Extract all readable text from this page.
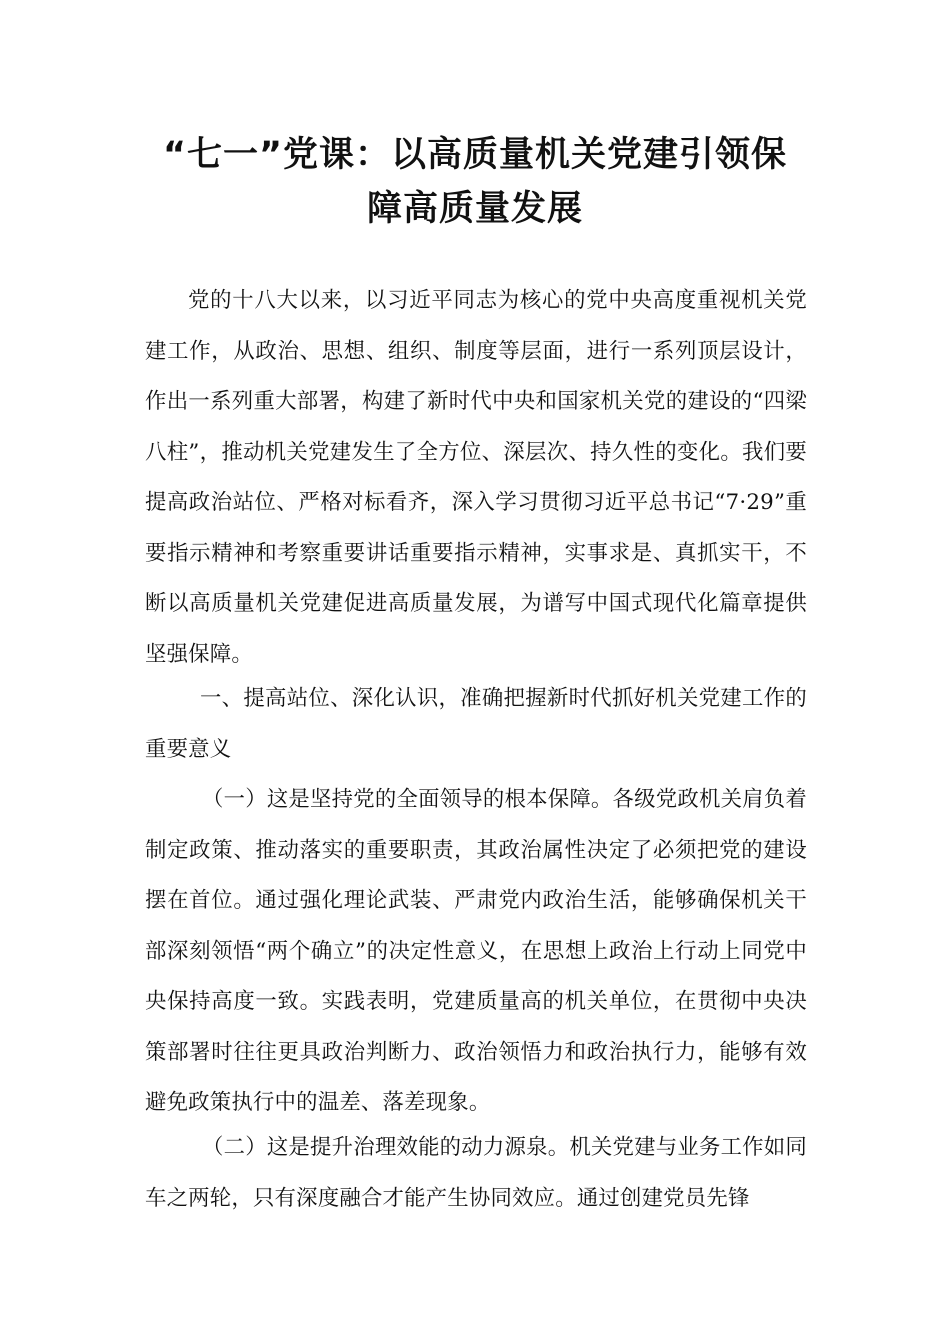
“七一”党课：以高质量机关党建引领保
障高质量发展

党的十八大以来，以习近平同志为核心的党中央高度重视机关党建工作，从政治、思想、组织、制度等层面，进行一系列顶层设计，作出一系列重大部署，构建了新时代中央和国家机关党的建设的“四梁八柱”，推动机关党建发生了全方位、深层次、持久性的变化。我们要提高政治站位、严格对标看齐，深入学习贯彻习近平总书记“7·29”重要指示精神和考察重要讲话重要指示精神，实事求是、真抓实干，不断以高质量机关党建促进高质量发展，为谱写中国式现代化篇章提供坚强保障。

一、提高站位、深化认识，准确把握新时代抓好机关党建工作的重要意义

（一）这是坚持党的全面领导的根本保障。各级党政机关肩负着制定政策、推动落实的重要职责，其政治属性决定了必须把党的建设摆在首位。通过强化理论武装、严肃党内政治生活，能够确保机关干部深刻领悟“两个确立”的决定性意义，在思想上政治上行动上同党中央保持高度一致。实践表明，党建质量高的机关单位，在贯彻中央决策部署时往往更具政治判断力、政治领悟力和政治执行力，能够有效避免政策执行中的温差、落差现象。

（二）这是提升治理效能的动力源泉。机关党建与业务工作如同车之两轮，只有深度融合才能产生协同效应。通过创建党员先锋
